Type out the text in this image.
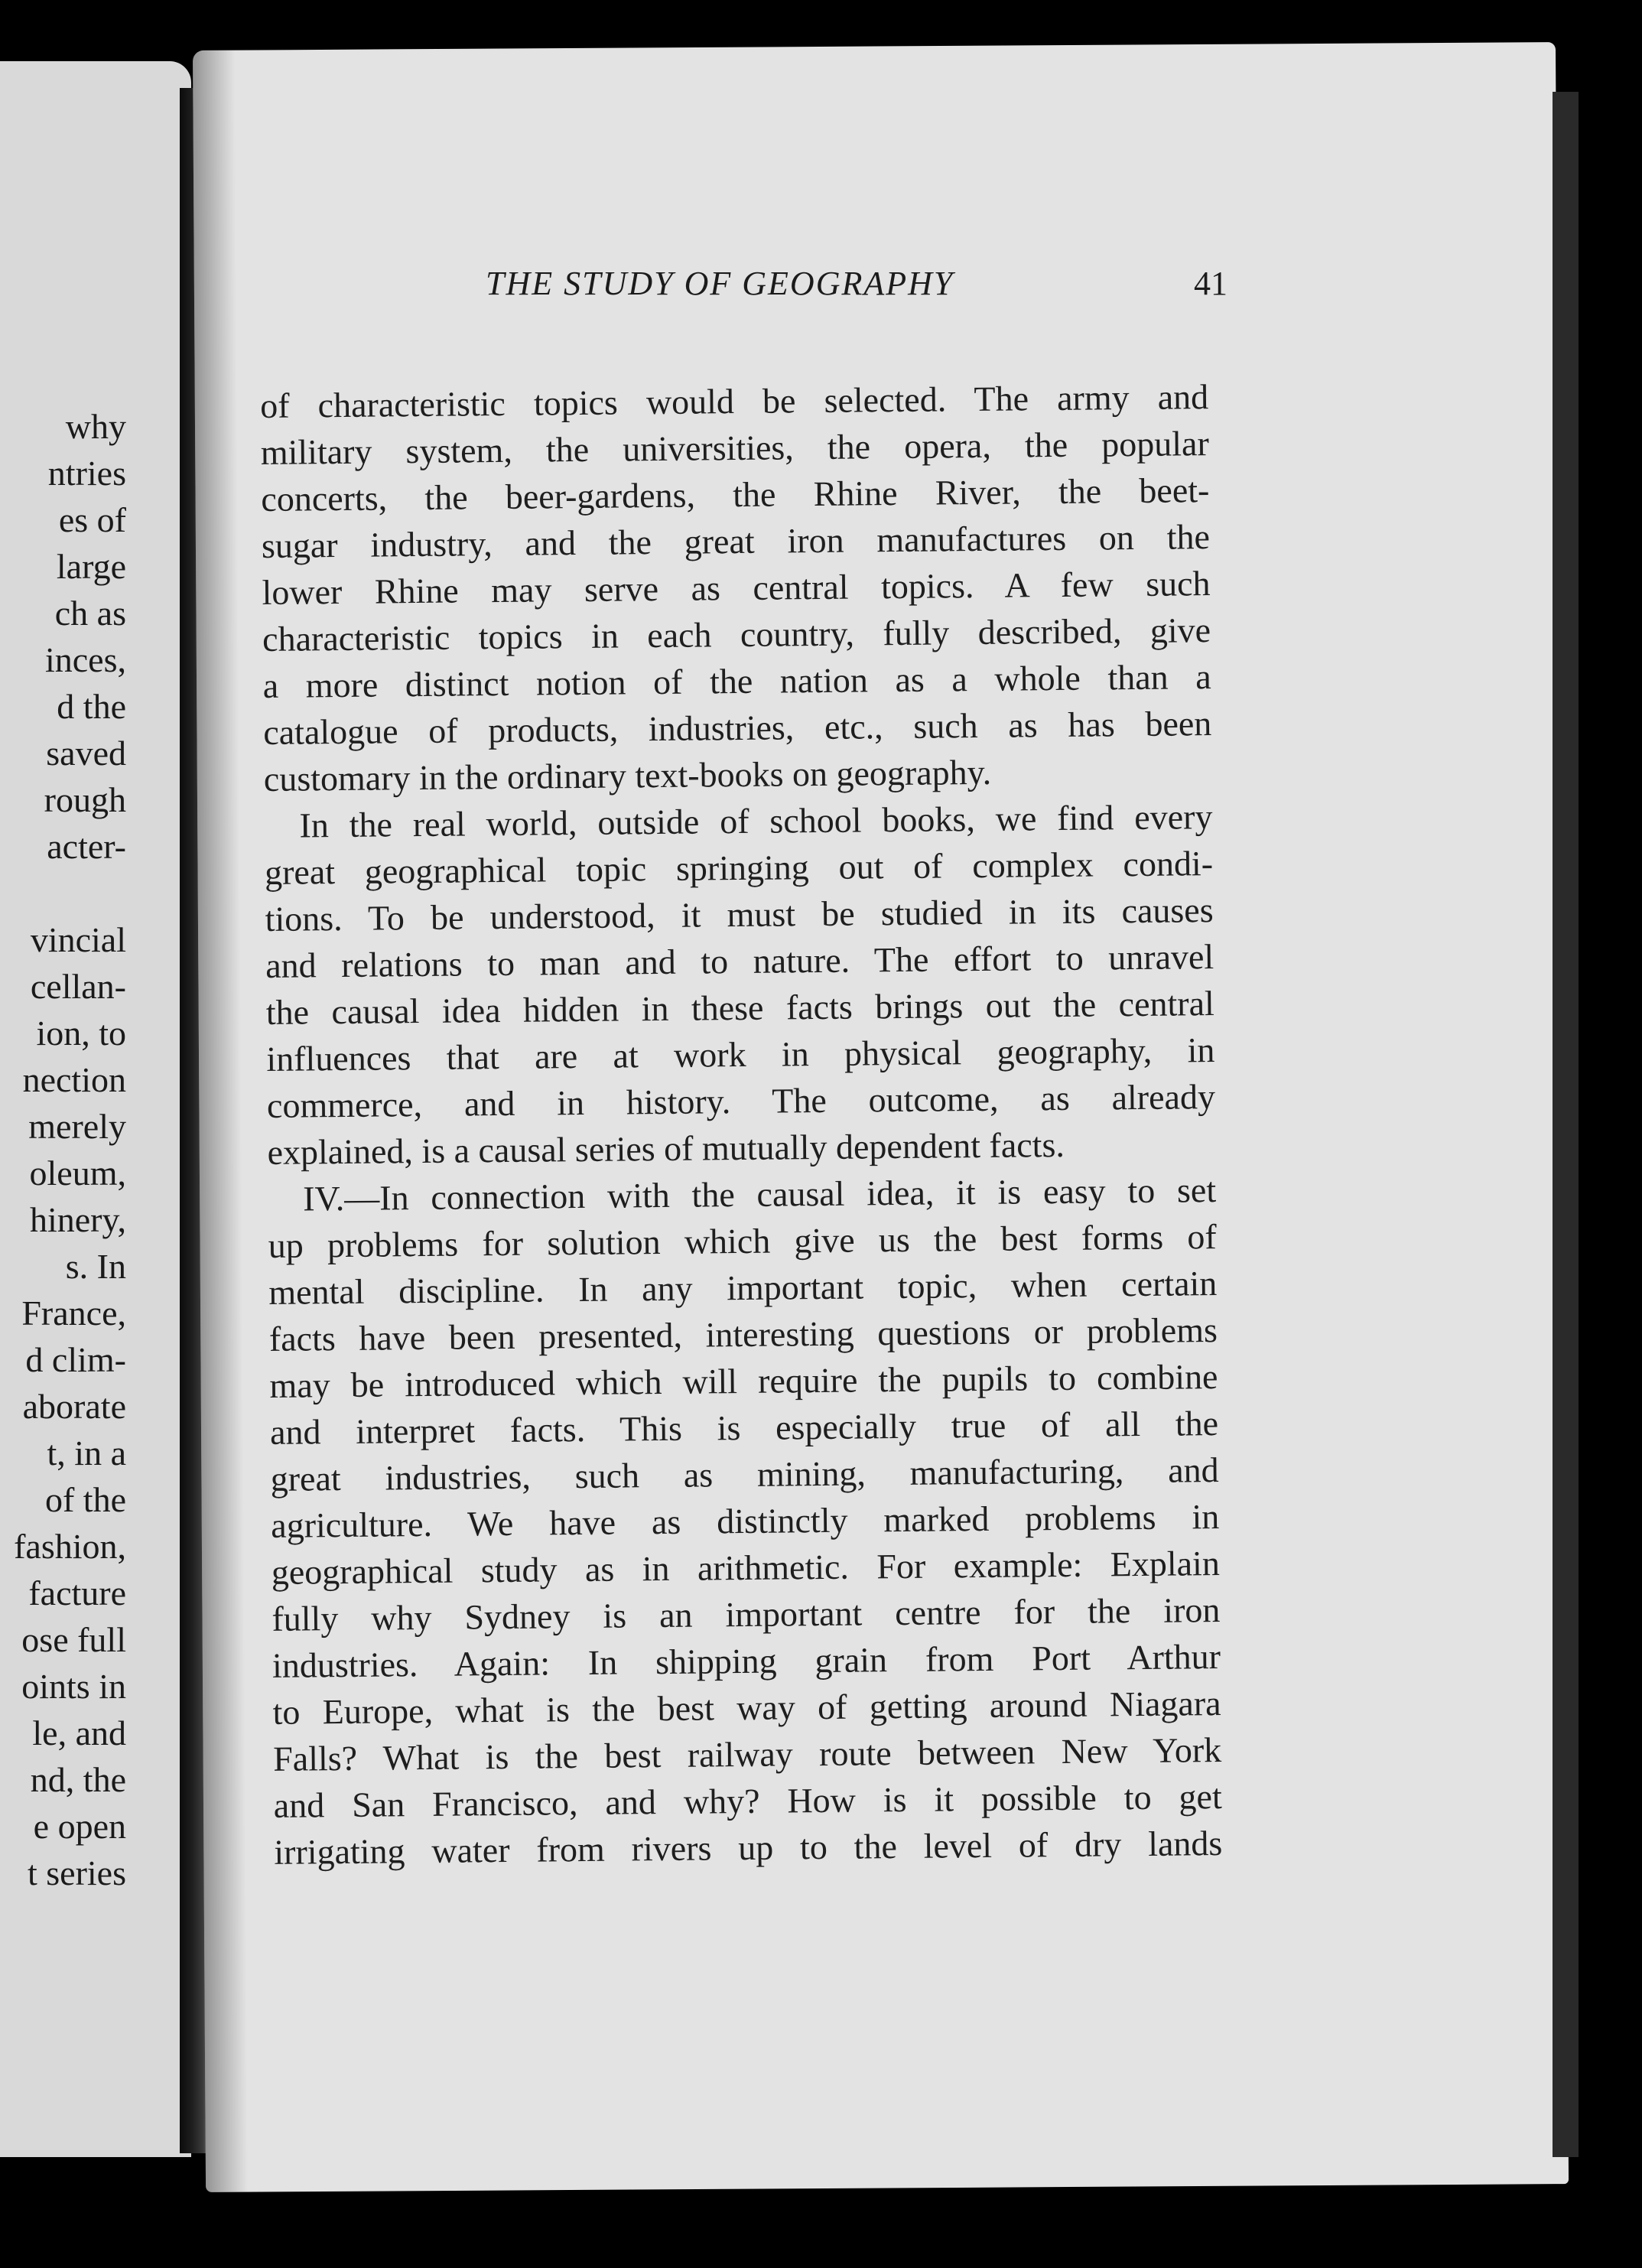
why
ntries
es of
large
ch as
inces,
d the
saved
rough
acter-
vincial
cellan-
ion, to
nection
merely
oleum,
hinery,
s. In
France,
d clim-
aborate
t, in a
of the
fashion,
facture
ose full
oints in
le, and
nd, the
e open
t series
THE STUDY OF GEOGRAPHY	41
of characteristic topics would be selected. The army and
military system, the universities, the opera, the popular
concerts, the beer-gardens, the Rhine River, the beet-
sugar industry, and the great iron manufactures on the
lower Rhine may serve as central topics. A few such
characteristic topics in each country, fully described, give
a more distinct notion of the nation as a whole than a
catalogue of products, industries, etc., such as has been
customary in the ordinary text-books on geography.
In the real world, outside of school books, we find every
great geographical topic springing out of complex condi-
tions. To be understood, it must be studied in its causes
and relations to man and to nature. The effort to unravel
the causal idea hidden in these facts brings out the central
influences that are at work in physical geography, in
commerce, and in history. The outcome, as already
explained, is a causal series of mutually dependent facts.
IV.—In connection with the causal idea, it is easy to set
up problems for solution which give us the best forms of
mental discipline. In any important topic, when certain
facts have been presented, interesting questions or problems
may be introduced which will require the pupils to combine
and interpret facts. This is especially true of all the
great industries, such as mining, manufacturing, and
agriculture. We have as distinctly marked problems in
geographical study as in arithmetic. For example: Explain
fully why Sydney is an important centre for the iron
industries. Again: In shipping grain from Port Arthur
to Europe, what is the best way of getting around Niagara
Falls? What is the best railway route between New York
and San Francisco, and why? How is it possible to get
irrigating water from rivers up to the level of dry lands
